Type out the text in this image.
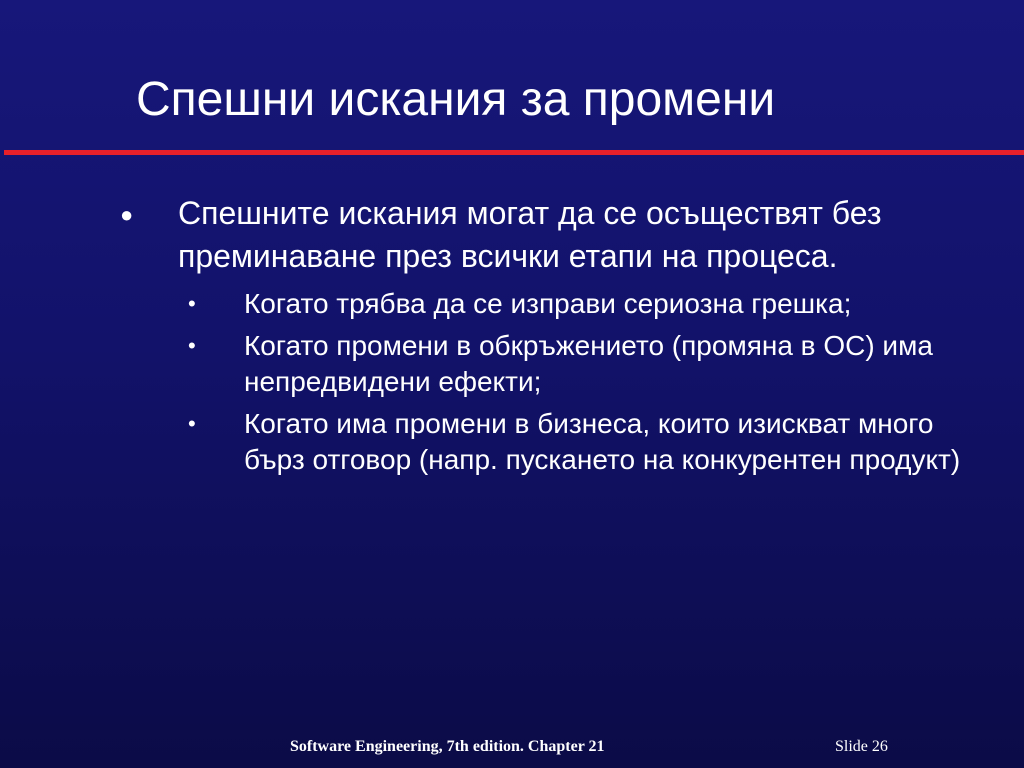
Спешни искания за промени
● Спешните искания могат да се осъществят без преминаване през всички етапи на процеса.
• Когато трябва да се изправи сериозна грешка;
• Когато промени в обкръжението (промяна в ОС) има непредвидени ефекти;
• Когато има промени в бизнеса, които изискват много бърз отговор (напр. пускането на конкурентен продукт)
Software Engineering, 7th edition. Chapter 21	Slide 26
